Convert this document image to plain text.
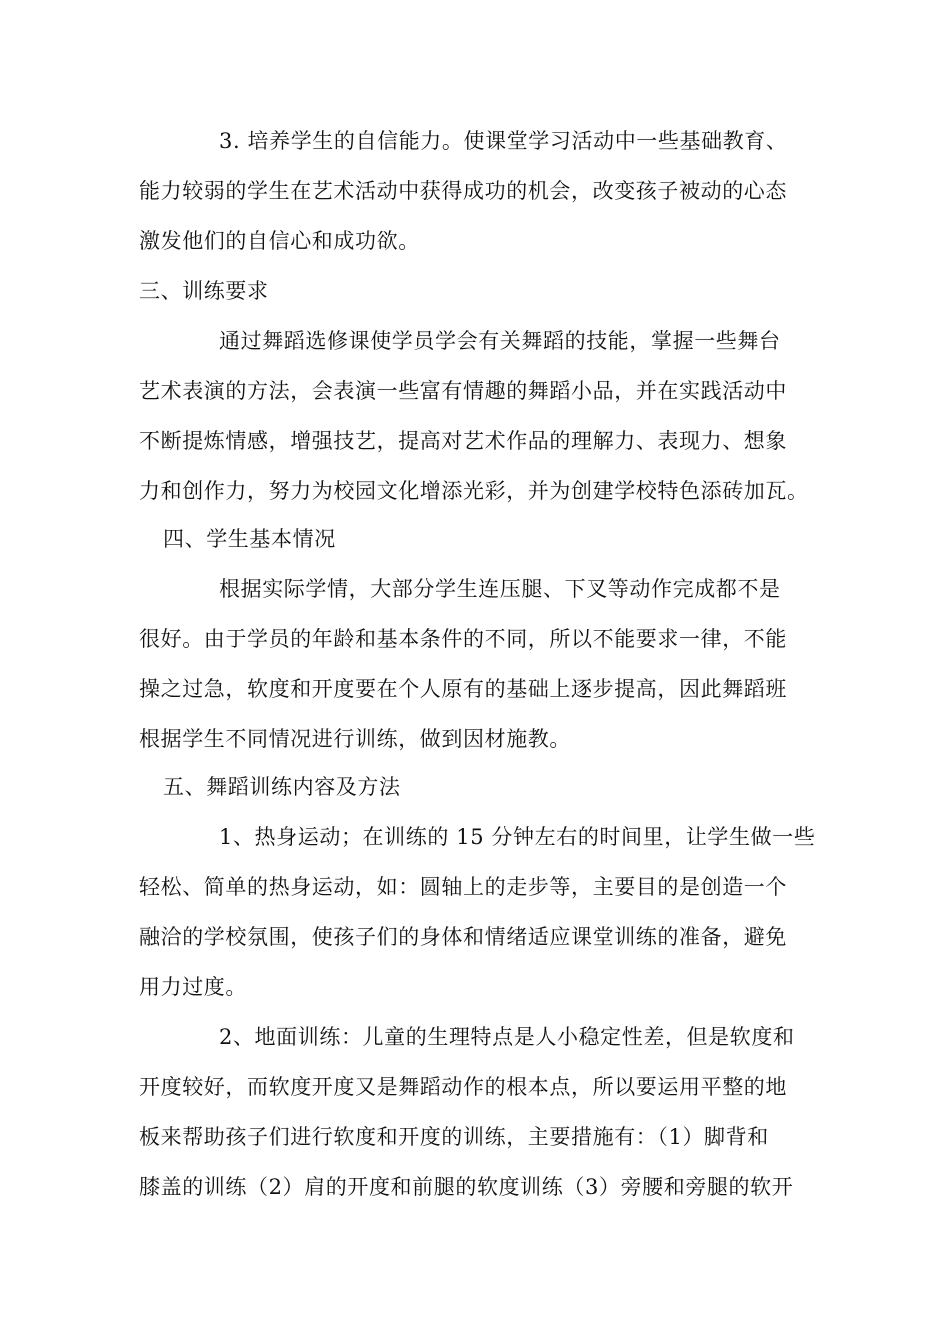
3. 培养学生的自信能力。使课堂学习活动中一些基础教育、
能力较弱的学生在艺术活动中获得成功的机会，改变孩子被动的心态
激发他们的自信心和成功欲。
三、训练要求
通过舞蹈选修课使学员学会有关舞蹈的技能，掌握一些舞台
艺术表演的方法，会表演一些富有情趣的舞蹈小品，并在实践活动中
不断提炼情感，增强技艺，提高对艺术作品的理解力、表现力、想象
力和创作力，努力为校园文化增添光彩，并为创建学校特色添砖加瓦。
四、学生基本情况
根据实际学情，大部分学生连压腿、下叉等动作完成都不是
很好。由于学员的年龄和基本条件的不同，所以不能要求一律，不能
操之过急，软度和开度要在个人原有的基础上逐步提高，因此舞蹈班
根据学生不同情况进行训练，做到因材施教。
五、舞蹈训练内容及方法
1、热身运动；在训练的 15 分钟左右的时间里，让学生做一些
轻松、简单的热身运动，如：圆轴上的走步等，主要目的是创造一个
融洽的学校氛围，使孩子们的身体和情绪适应课堂训练的准备，避免
用力过度。
2、地面训练：儿童的生理特点是人小稳定性差，但是软度和
开度较好，而软度开度又是舞蹈动作的根本点，所以要运用平整的地
板来帮助孩子们进行软度和开度的训练，主要措施有：（1）脚背和
膝盖的训练（2）肩的开度和前腿的软度训练（3）旁腰和旁腿的软开
